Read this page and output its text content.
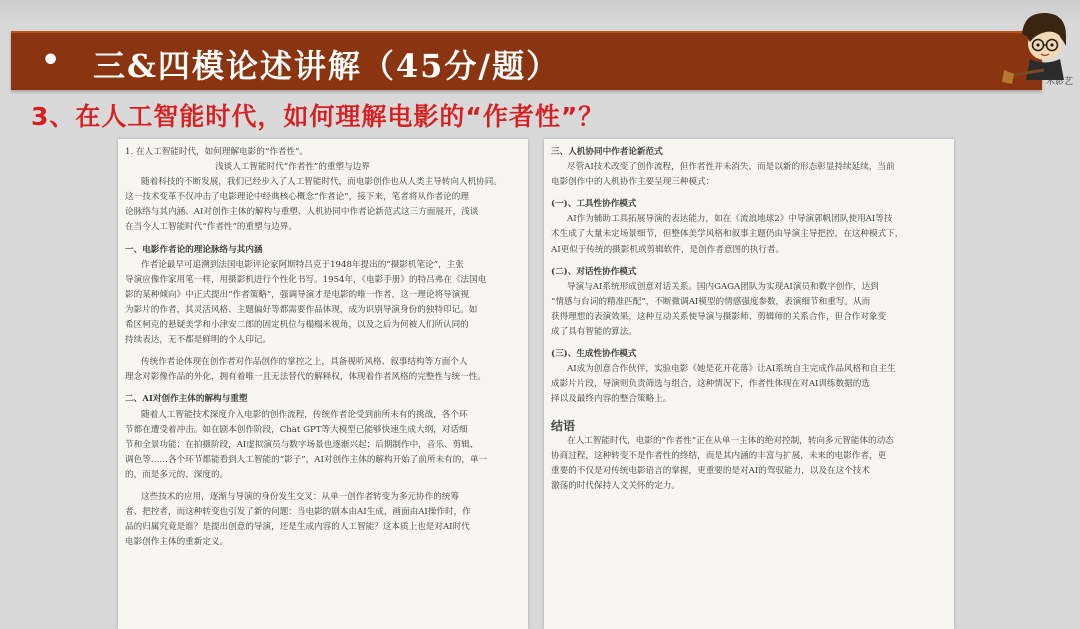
• 三&四模论述讲解（45分/题）	木影艺
3、在人工智能时代，如何理解电影的“作者性”？
1. 在人工智能时代，如何理解电影的“作者性”。
浅谈人工智能时代“作者性”的重塑与边界
随着科技的不断发展，我们已经步入了人工智能时代，而电影创作也从人类主导转向人机协同。
这一技术变革不仅冲击了电影理论中经典核心概念“作者论”，接下来，笔者将从作者论的理
论脉络与其内涵、AI对创作主体的解构与重塑、人机协同中作者论新范式这三方面展开，浅谈
在当今人工智能时代“作者性”的重塑与边界。
一、电影作者论的理论脉络与其内涵
作者论最早可追溯到法国电影评论家阿斯特吕克于1948年提出的“摄影机笔论”，主张
导演应像作家用笔一样，用摄影机进行个性化书写。1954年，《电影手册》的特吕弗在《法国电
影的某种倾向》中正式提出“作者策略”，强调导演才是电影的唯一作者，这一理论将导演视
为影片的作者，其灵活风格、主题偏好等都需要作品体现，成为识别导演身份的独特印记。如
希区柯克的悬疑美学和小津安二郎的固定机位与榻榻米视角，以及之后为何被人们所认同的
持续表达，无不都是鲜明的个人印记。
传统作者论体现在创作者对作品创作的掌控之上，具备视听风格、叙事结构等方面个人
理念对影像作品的外化，拥有着唯一且无法替代的解释权，体现着作者风格的完整性与统一性。
二、AI对创作主体的解构与重塑
随着人工智能技术深度介入电影的创作流程，传统作者论受到前所未有的挑战，各个环
节都在遭受着冲击。如在剧本创作阶段，Chat GPT等大模型已能够快速生成大纲，对话细
节和全景功能；在拍摄阶段，AI虚拟演员与数字场景也逐渐兴起；后期制作中，音乐、剪辑、
调色等……各个环节都能看到人工智能的“影子”，AI对创作主体的解构开始了前所未有的，单一
的，而是多元的、深度的。
这些技术的应用，逐渐与导演的身份发生交叉：从单一创作者转变为多元协作的统筹
者、把控者，而这种转变也引发了新的问题：当电影的剧本由AI生成，画面由AI操作时，作
品的归属究竟是谁？是提出创意的导演，还是生成内容的人工智能？这本质上也是对AI时代
电影创作主体的重新定义。
三、人机协同中作者论新范式
尽管AI技术改变了创作流程，但作者性并未消失，而是以新的形态彰显持续延续，当前
电影创作中的人机协作主要呈现三种模式：
(一)、工具性协作模式
AI作为辅助工具拓展导演的表达能力，如在《流浪地球2》中导演郭帆团队使用AI等技
术生成了大量未定场景细节，但整体美学风格和叙事主题仍由导演主导把控，在这种模式下，
AI更似于传统的摄影机或剪辑软件，是创作者意图的执行者。
(二)、对话性协作模式
导演与AI系统形成创意对话关系。国内GAGA团队为实现AI演员和数字创作，达到
“情感与台词的精准匹配”，不断微调AI模型的情感强度参数，表演细节和重写。从而
获得理想的表演效果，这种互动关系使导演与摄影师、剪辑师的关系合作，但合作对象变
成了具有智能的算法。
(三)、生成性协作模式
AI成为创意合作伙伴，实验电影《她是花开花落》让AI系统自主完成作品风格和自主生
成影片片段，导演则负责筛选与组合，这种情况下，作者性体现在对AI训练数据的选
择以及最终内容的整合策略上。
结语
在人工智能时代，电影的“作者性”正在从单一主体的绝对控制，转向多元智能体的动态
协商过程，这种转变不是作者性的终结，而是其内涵的丰富与扩展，未来的电影作者，更
重要的不仅是对传统电影语言的掌握，更重要的是对AI的驾驭能力，以及在这个技术
激荡的时代保持人文关怀的定力。
